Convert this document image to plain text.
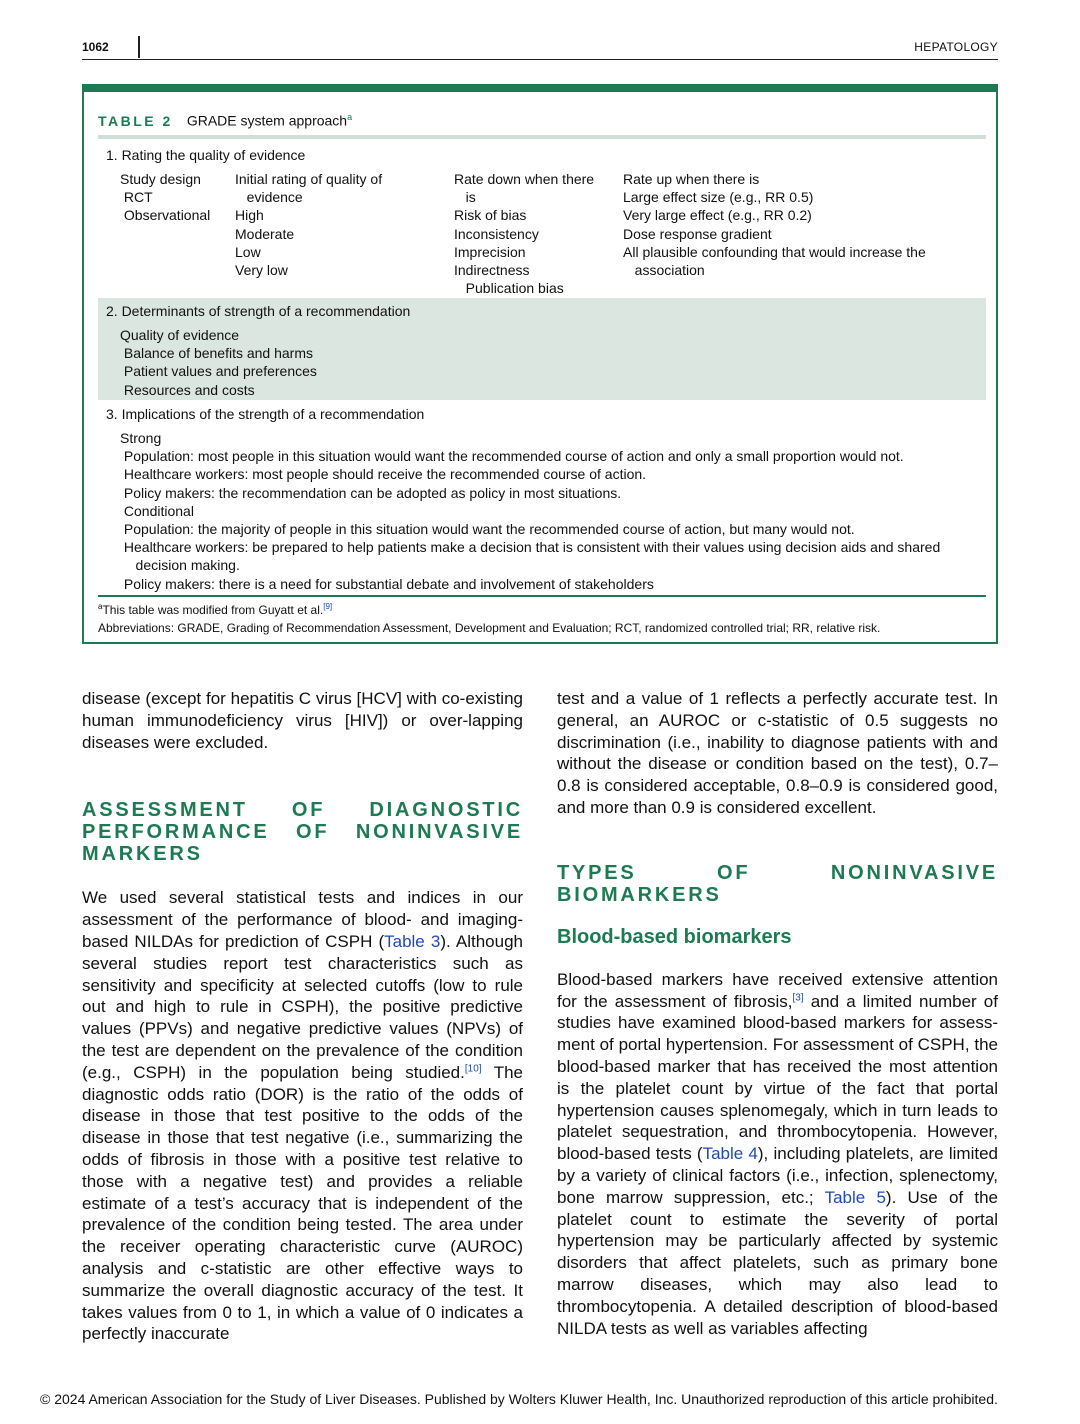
1062	HEPATOLOGY
TABLE 2 GRADE system approach$^a$
1. Rating the quality of evidence
Study design
RCT
Observational
Initial rating of quality of
evidence
High
Moderate
Low
Very low
Rate down when there
is
Risk of bias
Inconsistency
Imprecision
Indirectness
Publication bias
Rate up when there is
Large effect size (e.g., RR 0.5)
Very large effect (e.g., RR 0.2)
Dose response gradient
All plausible confounding that would increase the
association
2. Determinants of strength of a recommendation
Quality of evidence
Balance of benefits and harms
Patient values and preferences
Resources and costs
3. Implications of the strength of a recommendation
Strong
Population: most people in this situation would want the recommended course of action and only a small proportion would not.
Healthcare workers: most people should receive the recommended course of action.
Policy makers: the recommendation can be adopted as policy in most situations.
Conditional
Population: the majority of people in this situation would want the recommended course of action, but many would not.
Healthcare workers: be prepared to help patients make a decision that is consistent with their values using decision aids and shared
decision making.
Policy makers: there is a need for substantial debate and involvement of stakeholders
$^a$This table was modified from Guyatt et al.[9]
Abbreviations: GRADE, Grading of Recommendation Assessment, Development and Evaluation; RCT, randomized controlled trial; RR, relative risk.

disease (except for hepatitis C virus [HCV] with co-existing human immunodeficiency virus [HIV]) or over-lapping diseases were excluded.

ASSESSMENT OF DIAGNOSTIC PERFORMANCE OF NONINVASIVE MARKERS

We used several statistical tests and indices in our assessment of the performance of blood- and imaging-based NILDAs for prediction of CSPH (Table 3). Although several studies report test characteristics such as sensitivity and specificity at selected cutoffs (low to rule out and high to rule in CSPH), the positive predictive values (PPVs) and negative predictive values (NPVs) of the test are dependent on the prevalence of the condition (e.g., CSPH) in the population being studied.[10] The diagnostic odds ratio (DOR) is the ratio of the odds of disease in those that test positive to the odds of the disease in those that test negative (i.e., summarizing the odds of fibrosis in those with a positive test relative to those with a negative test) and provides a reliable estimate of a test’s accuracy that is independent of the prevalence of the condition being tested. The area under the receiver operating characteristic curve (AUROC) analysis and c-statistic are other effective ways to summarize the overall diagnostic accuracy of the test. It takes values from 0 to 1, in which a value of 0 indicates a perfectly inaccurate

test and a value of 1 reflects a perfectly accurate test. In general, an AUROC or c-statistic of 0.5 suggests no discrimination (i.e., inability to diagnose patients with and without the disease or condition based on the test), 0.7–0.8 is considered acceptable, 0.8–0.9 is considered good, and more than 0.9 is considered excellent.

TYPES OF NONINVASIVE BIOMARKERS
Blood-based biomarkers

Blood-based markers have received extensive attention for the assessment of fibrosis,[3] and a limited number of studies have examined blood-based markers for assess-ment of portal hypertension. For assessment of CSPH, the blood-based marker that has received the most attention is the platelet count by virtue of the fact that portal hypertension causes splenomegaly, which in turn leads to platelet sequestration, and thrombocytopenia. However, blood-based tests (Table 4), including platelets, are limited by a variety of clinical factors (i.e., infection, splenectomy, bone marrow suppression, etc.; Table 5). Use of the platelet count to estimate the severity of portal hypertension may be particularly affected by systemic disorders that affect platelets, such as primary bone marrow diseases, which may also lead to thrombocytopenia. A detailed description of blood-based NILDA tests as well as variables affecting

© 2024 American Association for the Study of Liver Diseases. Published by Wolters Kluwer Health, Inc. Unauthorized reproduction of this article prohibited.
